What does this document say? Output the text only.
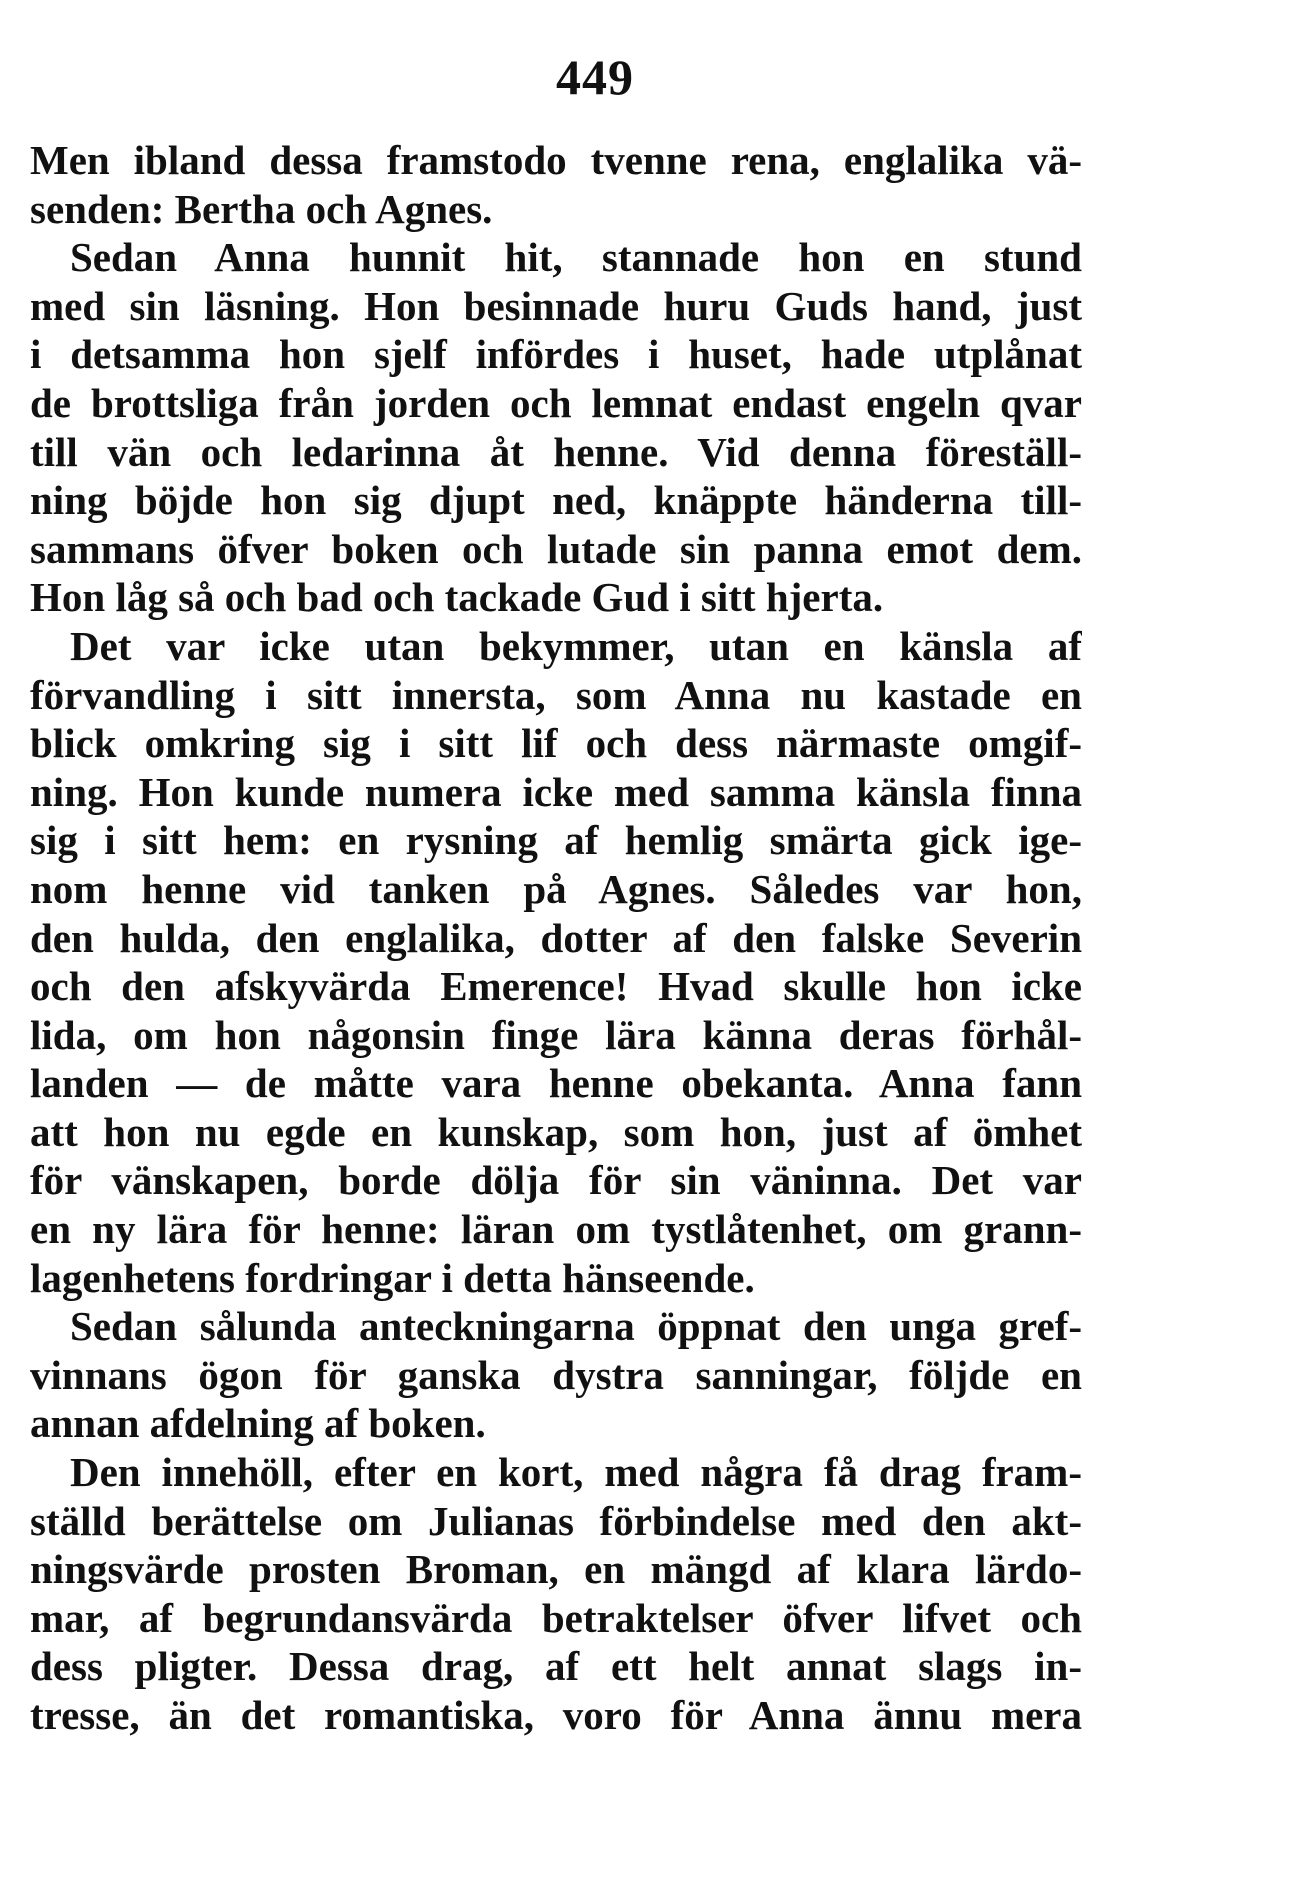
449
Men ibland dessa framstodo tvenne rena, englalika vä-
senden: Bertha och Agnes.
Sedan Anna hunnit hit, stannade hon en stund
med sin läsning. Hon besinnade huru Guds hand, just
i detsamma hon sjelf infördes i huset, hade utplånat
de brottsliga från jorden och lemnat endast engeln qvar
till vän och ledarinna åt henne. Vid denna föreställ-
ning böjde hon sig djupt ned, knäppte händerna till-
sammans öfver boken och lutade sin panna emot dem.
Hon låg så och bad och tackade Gud i sitt hjerta.
Det var icke utan bekymmer, utan en känsla af
förvandling i sitt innersta, som Anna nu kastade en
blick omkring sig i sitt lif och dess närmaste omgif-
ning. Hon kunde numera icke med samma känsla finna
sig i sitt hem: en rysning af hemlig smärta gick ige-
nom henne vid tanken på Agnes. Således var hon,
den hulda, den englalika, dotter af den falske Severin
och den afskyvärda Emerence! Hvad skulle hon icke
lida, om hon någonsin finge lära känna deras förhål-
landen — de måtte vara henne obekanta. Anna fann
att hon nu egde en kunskap, som hon, just af ömhet
för vänskapen, borde dölja för sin väninna. Det var
en ny lära för henne: läran om tystlåtenhet, om grann-
lagenhetens fordringar i detta hänseende.
Sedan sålunda anteckningarna öppnat den unga gref-
vinnans ögon för ganska dystra sanningar, följde en
annan afdelning af boken.
Den innehöll, efter en kort, med några få drag fram-
ställd berättelse om Julianas förbindelse med den akt-
ningsvärde prosten Broman, en mängd af klara lärdo-
mar, af begrundansvärda betraktelser öfver lifvet och
dess pligter. Dessa drag, af ett helt annat slags in-
tresse, än det romantiska, voro för Anna ännu mera
